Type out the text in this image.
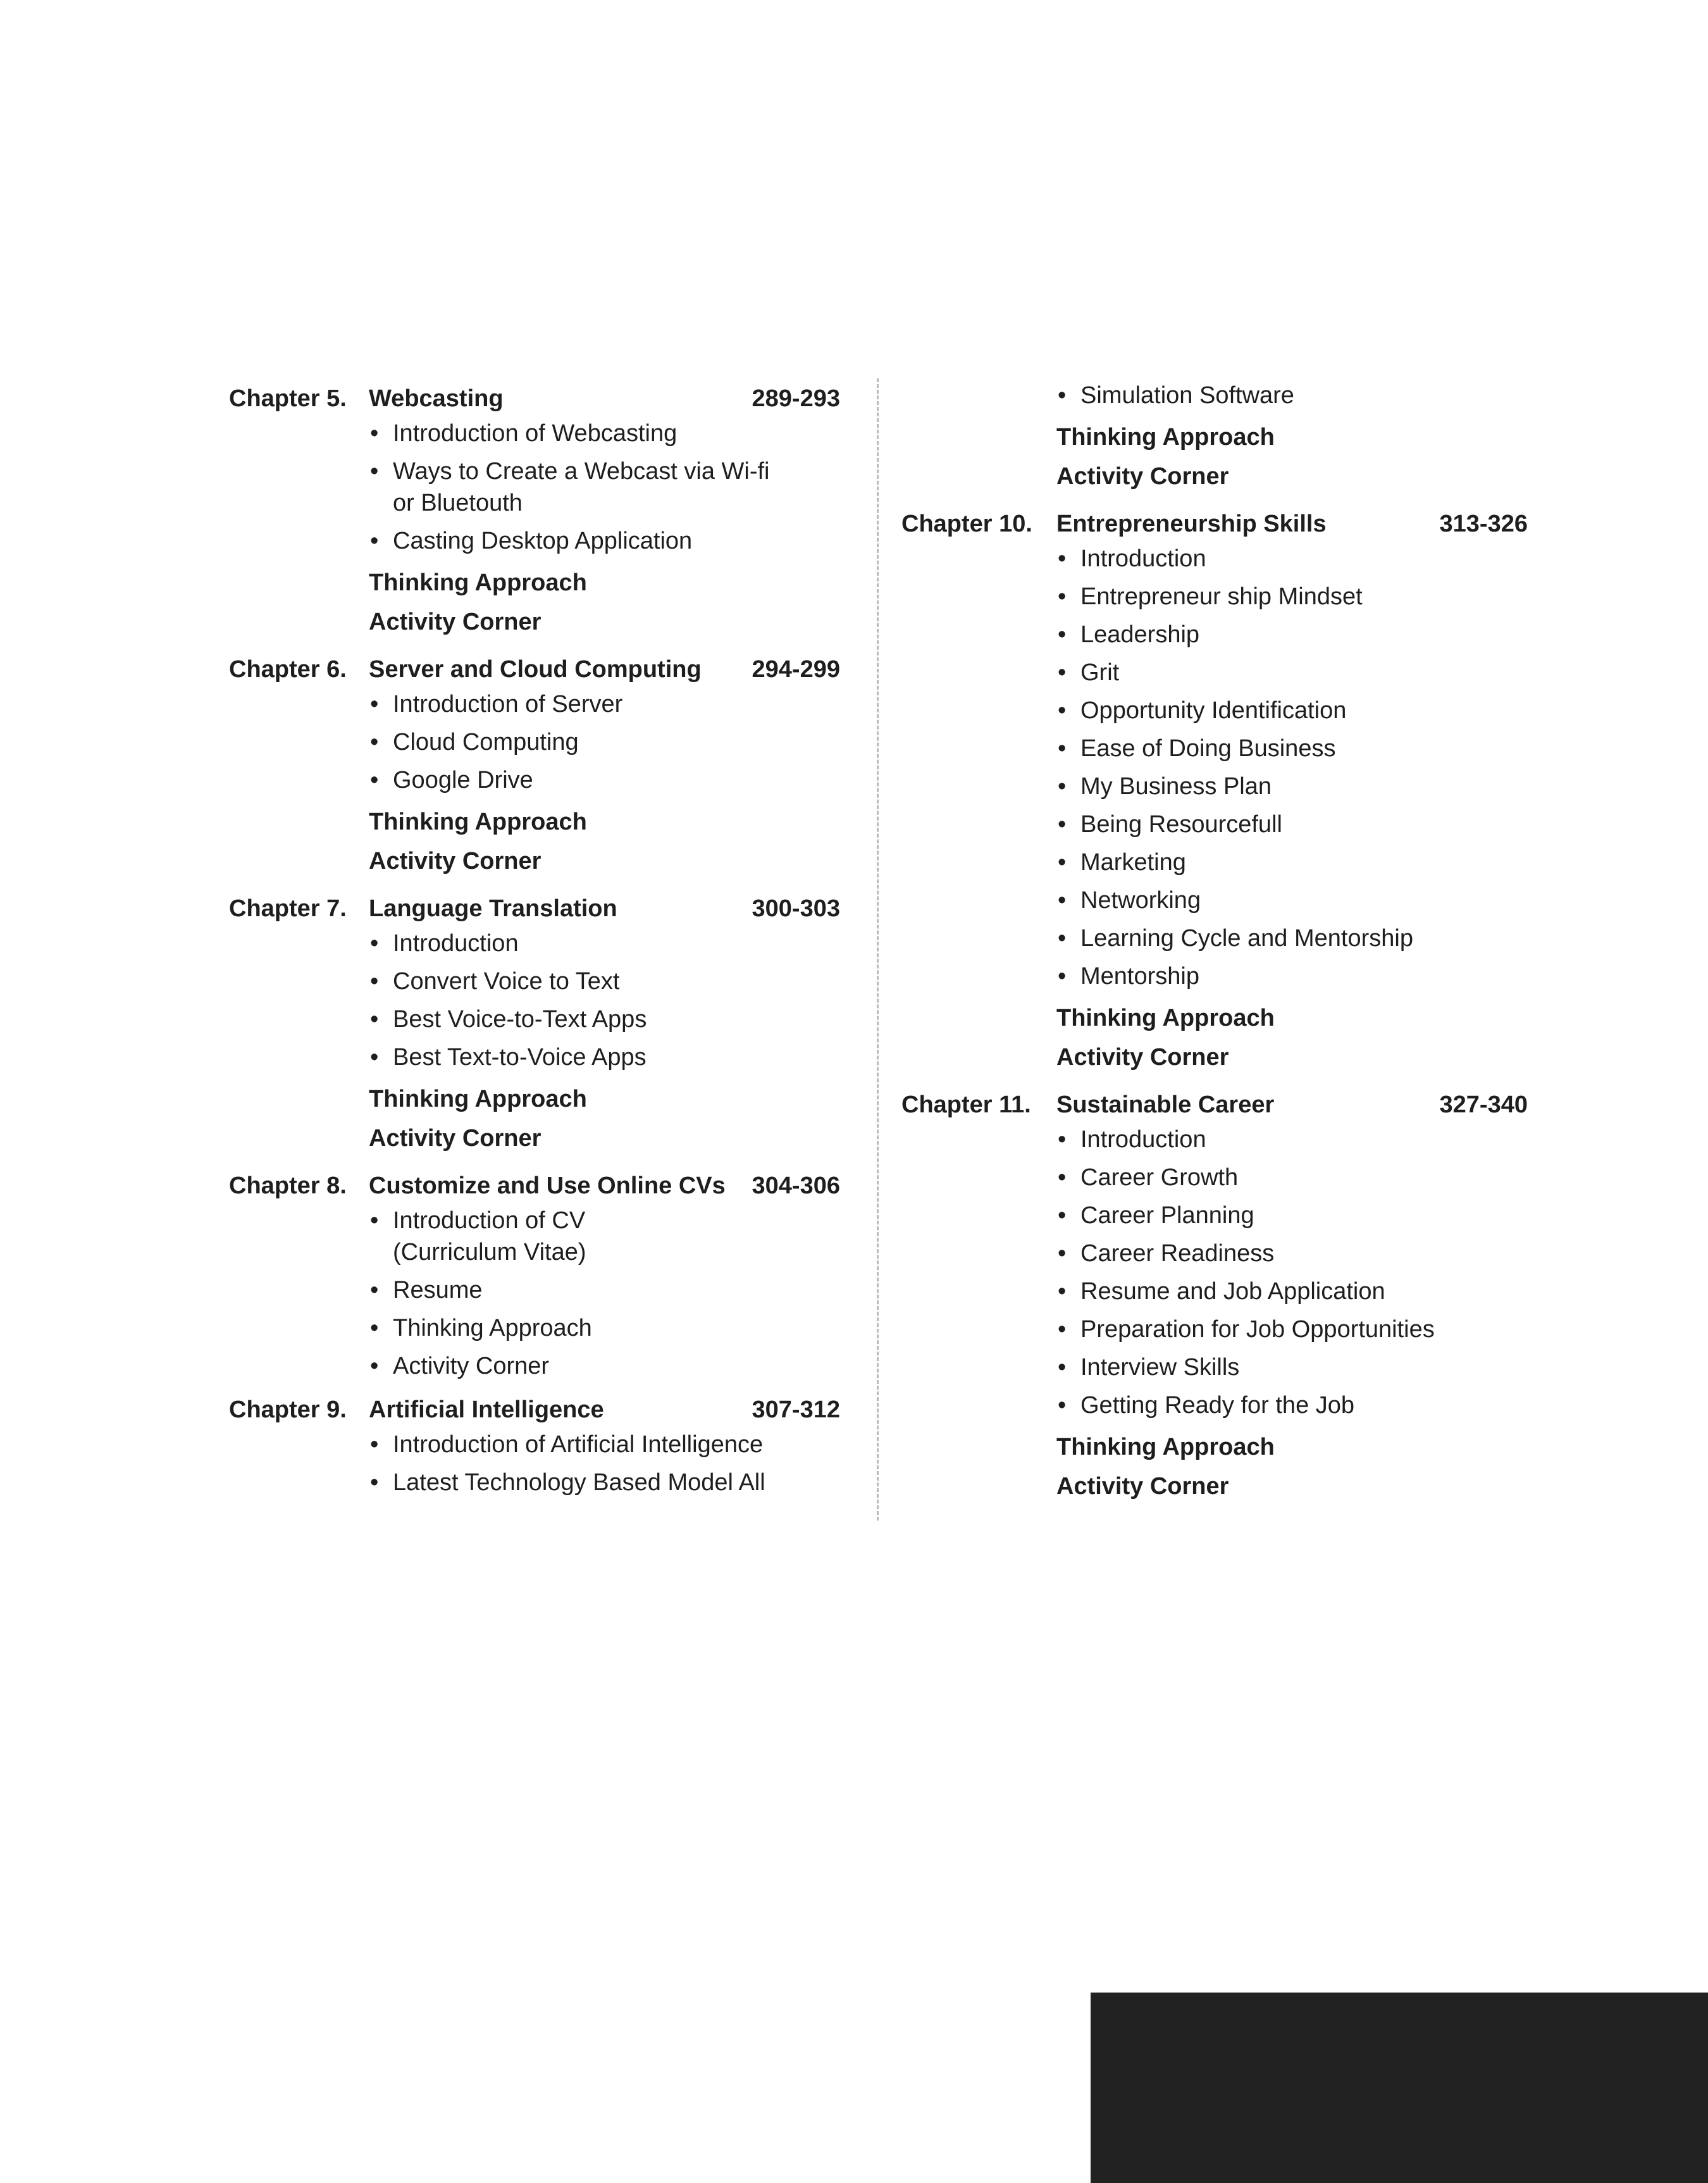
Chapter 5. Webcasting	289-293
• Introduction of Webcasting
• Ways to Create a Webcast via Wi-fi
or Bluetouth
• Casting Desktop Application
Thinking Approach
Activity Corner
Chapter 6. Server and Cloud Computing 294-299
• Introduction of Server
• Cloud Computing
• Google Drive
Thinking Approach
Activity Corner
Chapter 7. Language Translation	300-303
• Introduction
• Convert Voice to Text
• Best Voice-to-Text Apps
• Best Text-to-Voice Apps
Thinking Approach
Activity Corner
Chapter 8. Customize and Use Online CVs 304-306
• Introduction of CV
(Curriculum Vitae)
• Resume
• Thinking Approach
• Activity Corner
Chapter 9. Artificial Intelligence	307-312
• Introduction of Artificial Intelligence
• Latest Technology Based Model All
• Simulation Software
Thinking Approach
Activity Corner
Chapter 10. Entrepreneurship Skills	313-326
• Introduction
• Entrepreneur ship Mindset
• Leadership
• Grit
• Opportunity Identification
• Ease of Doing Business
• My Business Plan
• Being Resourcefull
• Marketing
• Networking
• Learning Cycle and Mentorship
• Mentorship
Thinking Approach
Activity Corner
Chapter 11. Sustainable Career	327-340
• Introduction
• Career Growth
• Career Planning
• Career Readiness
• Resume and Job Application
• Preparation for Job Opportunities
• Interview Skills
• Getting Ready for the Job
Thinking Approach
Activity Corner
